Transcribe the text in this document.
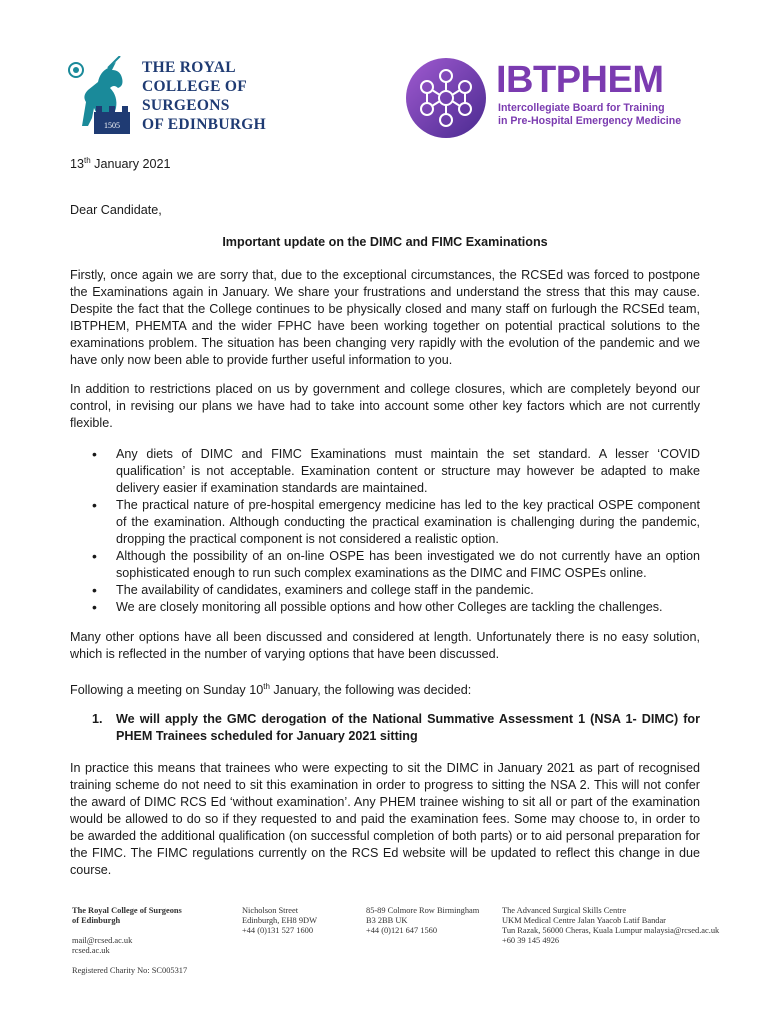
1505
THE ROYAL
COLLEGE OF
SURGEONS
OF EDINBURGH
IBTPHEM
Intercollegiate Board for Training
in Pre-Hospital Emergency Medicine
13th January 2021
Dear Candidate,
Important update on the DIMC and FIMC Examinations
Firstly, once again we are sorry that, due to the exceptional circumstances, the RCSEd was forced to postpone the Examinations again in January. We share your frustrations and understand the stress that this may cause. Despite the fact that the College continues to be physically closed and many staff on furlough the RCSEd team, IBTPHEM, PHEMTA and the wider FPHC have been working together on potential practical solutions to the examinations problem. The situation has been changing very rapidly with the evolution of the pandemic and we have only now been able to provide further useful information to you.
In addition to restrictions placed on us by government and college closures, which are completely beyond our control, in revising our plans we have had to take into account some other key factors which are not currently flexible.
• Any diets of DIMC and FIMC Examinations must maintain the set standard. A lesser ‘COVID qualification’ is not acceptable. Examination content or structure may however be adapted to make delivery easier if examination standards are maintained.
• The practical nature of pre-hospital emergency medicine has led to the key practical OSPE component of the examination. Although conducting the practical examination is challenging during the pandemic, dropping the practical component is not considered a realistic option.
• Although the possibility of an on-line OSPE has been investigated we do not currently have an option sophisticated enough to run such complex examinations as the DIMC and FIMC OSPEs online.
• The availability of candidates, examiners and college staff in the pandemic.
• We are closely monitoring all possible options and how other Colleges are tackling the challenges.
Many other options have all been discussed and considered at length. Unfortunately there is no easy solution, which is reflected in the number of varying options that have been discussed.
Following a meeting on Sunday 10th January, the following was decided:
1. We will apply the GMC derogation of the National Summative Assessment 1 (NSA 1- DIMC) for PHEM Trainees scheduled for January 2021 sitting
In practice this means that trainees who were expecting to sit the DIMC in January 2021 as part of recognised training scheme do not need to sit this examination in order to progress to sitting the NSA 2. This will not confer the award of DIMC RCS Ed ‘without examination’. Any PHEM trainee wishing to sit all or part of the examination would be allowed to do so if they requested to and paid the examination fees. Some may choose to, in order to be awarded the additional qualification (on successful completion of both parts) or to aid personal preparation for the FIMC. The FIMC regulations currently on the RCS Ed website will be updated to reflect this change in due course.
The Royal College of Surgeons
of Edinburgh
mail@rcsed.ac.uk
rcsed.ac.uk
Registered Charity No: SC005317
Nicholson Street
Edinburgh, EH8 9DW
+44 (0)131 527 1600
85-89 Colmore Row Birmingham
B3 2BB UK
+44 (0)121 647 1560
The Advanced Surgical Skills Centre
UKM Medical Centre Jalan Yaacob Latif Bandar
Tun Razak, 56000 Cheras, Kuala Lumpur malaysia@rcsed.ac.uk
+60 39 145 4926
